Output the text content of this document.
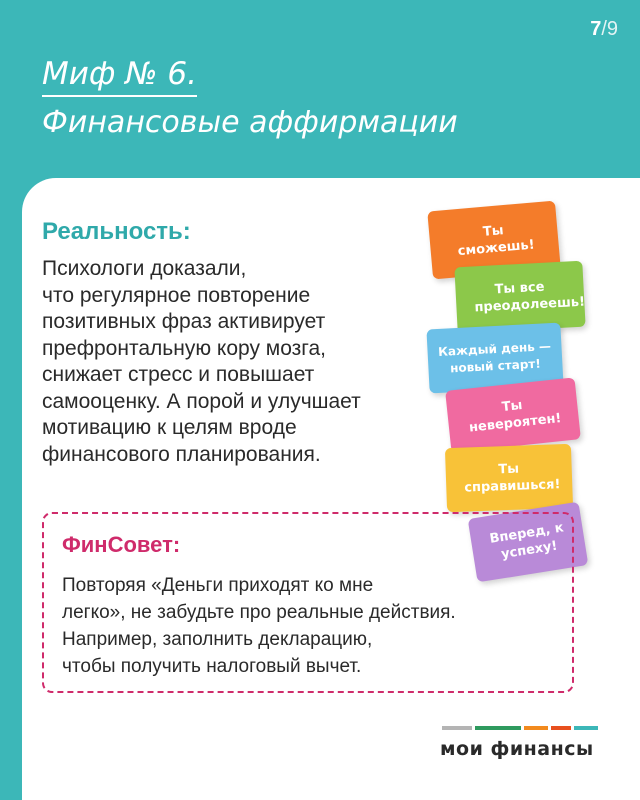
7/9
Миф № 6.
Финансовые аффирмации
Реальность:
Психологи доказали,
что регулярное повторение
позитивных фраз активирует
префронтальную кору мозга,
снижает стресс и повышает
самооценку. А порой и улучшает
мотивацию к целям вроде
финансового планирования.
Ты сможешь!
Ты все преодолеешь!
Каждый день — новый старт!
Ты невероятен!
Ты справишься!
Вперед, к успеху!
ФинСовет:
Повторяя «Деньги приходят ко мне
легко», не забудьте про реальные действия.
Например, заполнить декларацию,
чтобы получить налоговый вычет.
мои финансы
